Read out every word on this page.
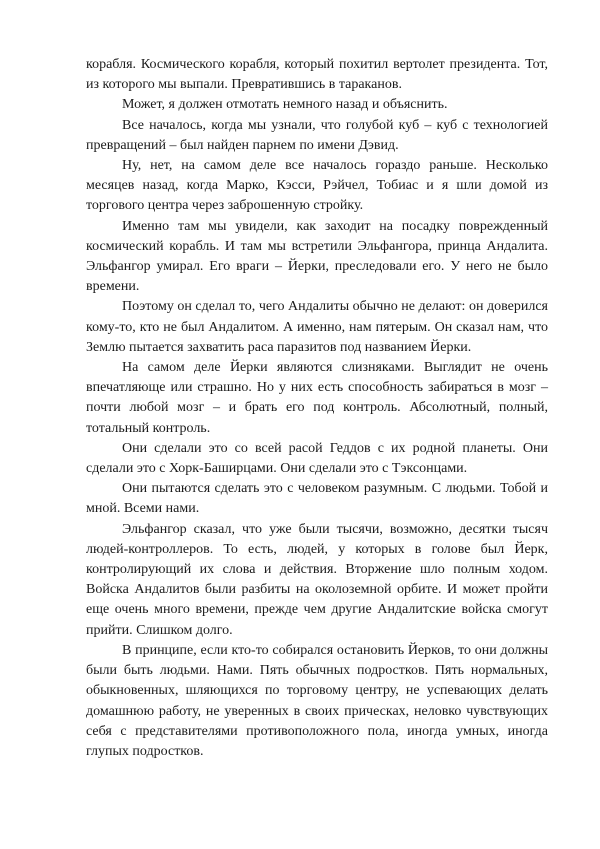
корабля. Космического корабля, который похитил вертолет президента. Тот, из которого мы выпали. Превратившись в тараканов.

Может, я должен отмотать немного назад и объяснить.

Все началось, когда мы узнали, что голубой куб – куб с технологией превращений – был найден парнем по имени Дэвид.

Ну, нет, на самом деле все началось гораздо раньше. Несколько месяцев назад, когда Марко, Кэсси, Рэйчел, Тобиас и я шли домой из торгового центра через заброшенную стройку.

Именно там мы увидели, как заходит на посадку поврежденный космический корабль. И там мы встретили Эльфангора, принца Андалита. Эльфангор умирал. Его враги – Йерки, преследовали его. У него не было времени.

Поэтому он сделал то, чего Андалиты обычно не делают: он доверился кому-то, кто не был Андалитом. А именно, нам пятерым. Он сказал нам, что Землю пытается захватить раса паразитов под названием Йерки.

На самом деле Йерки являются слизняками. Выглядит не очень впечатляюще или страшно. Но у них есть способность забираться в мозг – почти любой мозг – и брать его под контроль. Абсолютный, полный, тотальный контроль.

Они сделали это со всей расой Геддов с их родной планеты. Они сделали это с Хорк-Баширцами. Они сделали это с Тэксонцами.

Они пытаются сделать это с человеком разумным. С людьми. Тобой и мной. Всеми нами.

Эльфангор сказал, что уже были тысячи, возможно, десятки тысяч людей-контроллеров. То есть, людей, у которых в голове был Йерк, контролирующий их слова и действия. Вторжение шло полным ходом. Войска Андалитов были разбиты на околоземной орбите. И может пройти еще очень много времени, прежде чем другие Андалитские войска смогут прийти. Слишком долго.

В принципе, если кто-то собирался остановить Йерков, то они должны были быть людьми. Нами. Пять обычных подростков. Пять нормальных, обыкновенных, шляющихся по торговому центру, не успевающих делать домашнюю работу, не уверенных в своих прическах, неловко чувствующих себя с представителями противоположного пола, иногда умных, иногда глупых подростков.
